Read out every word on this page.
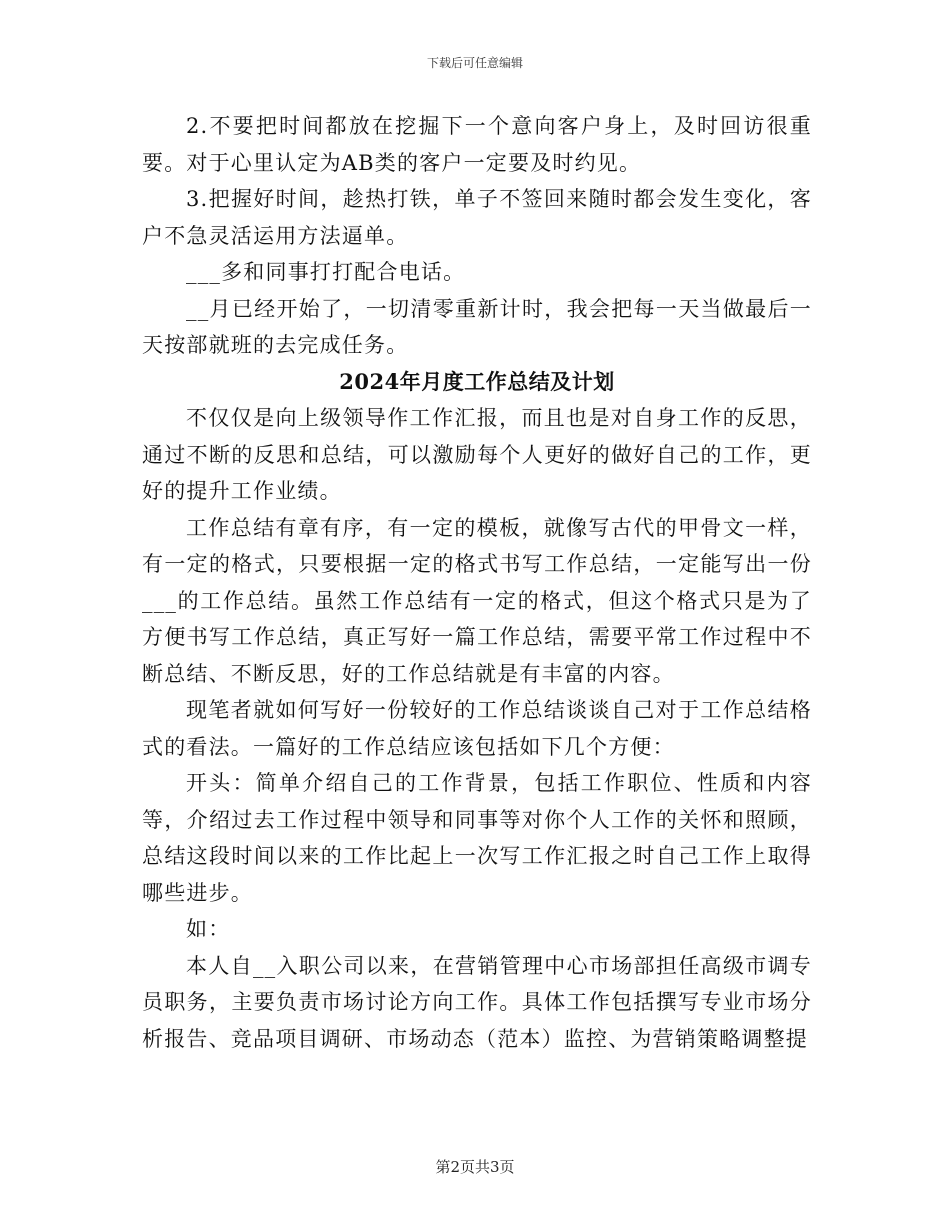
下载后可任意编辑

2.不要把时间都放在挖掘下一个意向客户身上，及时回访很重要。对于心里认定为AB类的客户一定要及时约见。

3.把握好时间，趁热打铁，单子不签回来随时都会发生变化，客户不急灵活运用方法逼单。

___多和同事打打配合电话。

__月已经开始了，一切清零重新计时，我会把每一天当做最后一天按部就班的去完成任务。

2024年月度工作总结及计划

不仅仅是向上级领导作工作汇报，而且也是对自身工作的反思，通过不断的反思和总结，可以激励每个人更好的做好自己的工作，更好的提升工作业绩。

工作总结有章有序，有一定的模板，就像写古代的甲骨文一样，有一定的格式，只要根据一定的格式书写工作总结，一定能写出一份___的工作总结。虽然工作总结有一定的格式，但这个格式只是为了方便书写工作总结，真正写好一篇工作总结，需要平常工作过程中不断总结、不断反思，好的工作总结就是有丰富的内容。

现笔者就如何写好一份较好的工作总结谈谈自己对于工作总结格式的看法。一篇好的工作总结应该包括如下几个方便：

开头：简单介绍自己的工作背景，包括工作职位、性质和内容等，介绍过去工作过程中领导和同事等对你个人工作的关怀和照顾，总结这段时间以来的工作比起上一次写工作汇报之时自己工作上取得哪些进步。

如：

本人自__入职公司以来，在营销管理中心市场部担任高级市调专员职务，主要负责市场讨论方向工作。具体工作包括撰写专业市场分析报告、竞品项目调研、市场动态（范本）监控、为营销策略调整提

第2页共3页
